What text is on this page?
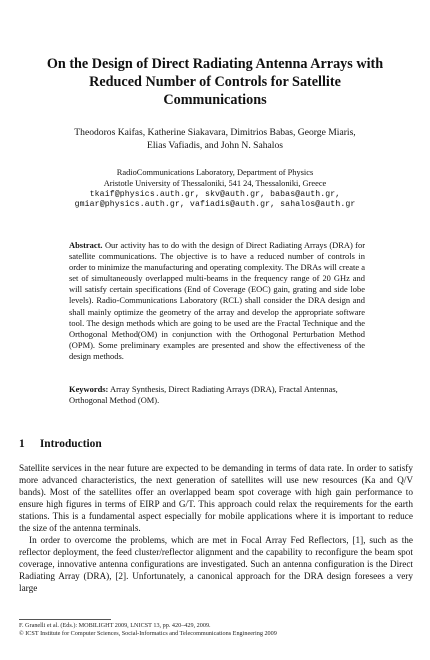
On the Design of Direct Radiating Antenna Arrays with
Reduced Number of Controls for Satellite
Communications
Theodoros Kaifas, Katherine Siakavara, Dimitrios Babas, George Miaris,
Elias Vafiadis, and John N. Sahalos
RadioCommunications Laboratory, Department of Physics
Aristotle University of Thessaloniki, 541 24, Thessaloniki, Greece
tkaif@physics.auth.gr, skv@auth.gr, babas@auth.gr,
gmiar@physics.auth.gr, vafiadis@auth.gr, sahalos@auth.gr
Abstract. Our activity has to do with the design of Direct Radiating Arrays (DRA) for satellite communications. The objective is to have a reduced number of controls in order to minimize the manufacturing and operating complexity. The DRAs will create a set of simultaneously overlapped multi-beams in the frequency range of 20 GHz and will satisfy certain specifications (End of Coverage (EOC) gain, grating and side lobe levels). Radio-Communications Laboratory (RCL) shall consider the DRA design and shall mainly optimize the geometry of the array and develop the appropriate software tool. The design methods which are going to be used are the Fractal Technique and the Orthogonal Method(OM) in conjunction with the Orthogonal Perturbation Method (OPM). Some preliminary examples are presented and show the effectiveness of the design methods.
Keywords: Array Synthesis, Direct Radiating Arrays (DRA), Fractal Antennas, Orthogonal Method (OM).
1 Introduction

Satellite services in the near future are expected to be demanding in terms of data rate. In order to satisfy more advanced characteristics, the next generation of satellites will use new resources (Ka and Q/V bands). Most of the satellites offer an overlapped beam spot coverage with high gain performance to ensure high figures in terms of EIRP and G/T. This approach could relax the requirements for the earth stations. This is a fundamental aspect especially for mobile applications where it is important to reduce the size of the antenna terminals.

In order to overcome the problems, which are met in Focal Array Fed Reflectors, [1], such as the reflector deployment, the feed cluster/reflector alignment and the capability to reconfigure the beam spot coverage, innovative antenna configurations are investigated. Such an antenna configuration is the Direct Radiating Array (DRA), [2]. Unfortunately, a canonical approach for the DRA design foresees a very large

F. Granelli et al. (Eds.): MOBILIGHT 2009, LNICST 13, pp. 420–429, 2009.
© ICST Institute for Computer Sciences, Social-Informatics and Telecommunications Engineering 2009
